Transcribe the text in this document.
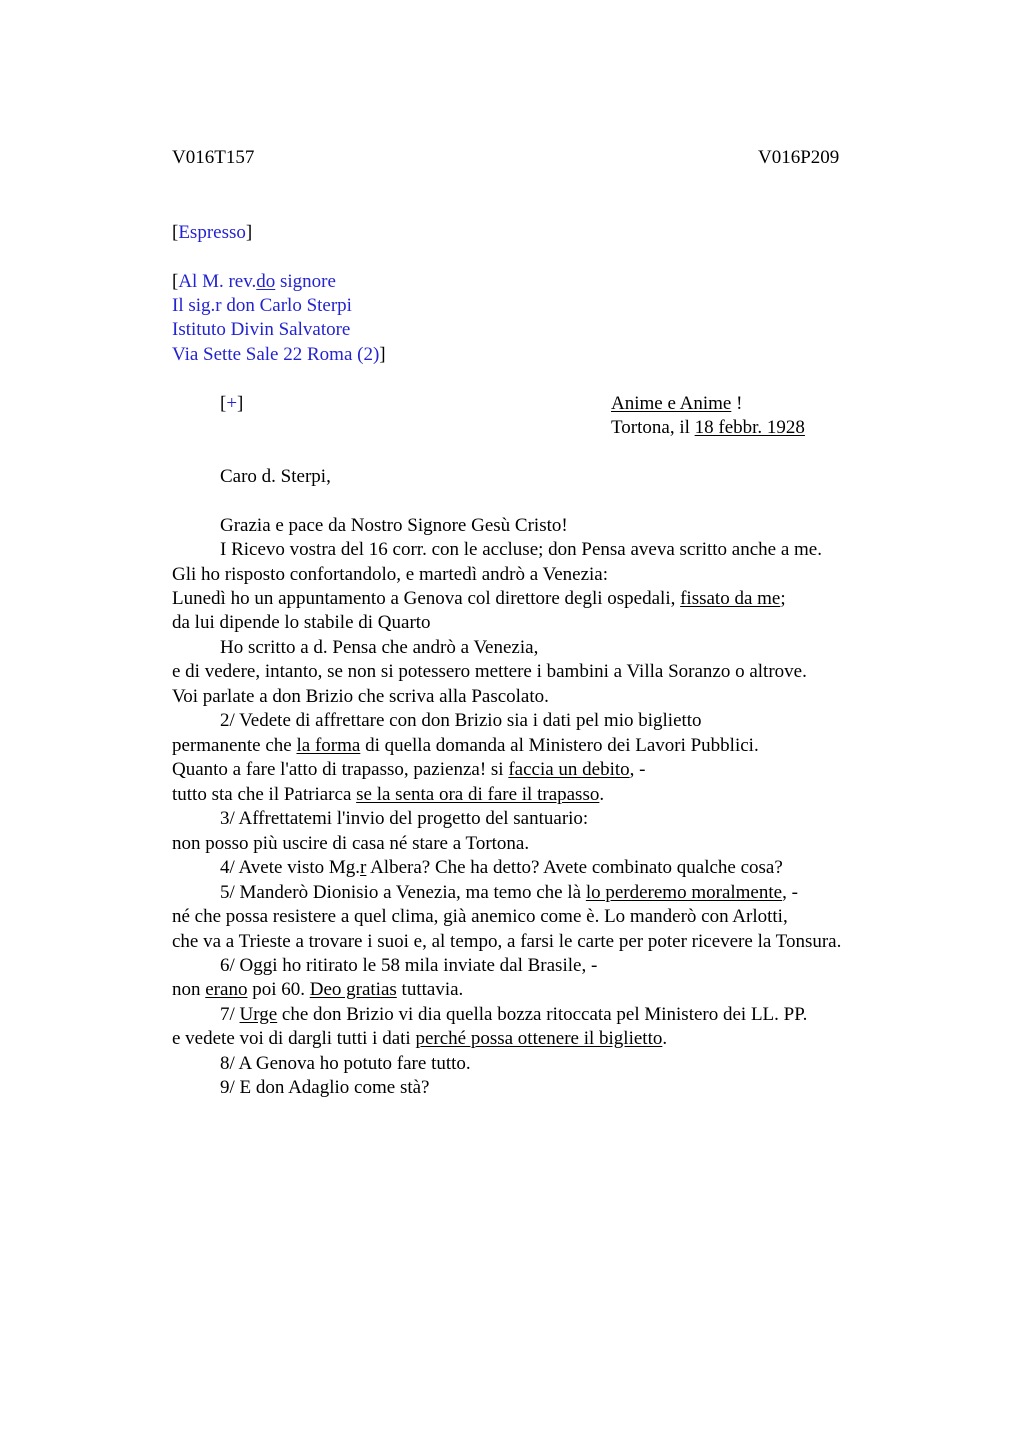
V016T157	V016P209
[Espresso]
[Al M. rev.do signore
Il sig.r don Carlo Sterpi
Istituto Divin Salvatore
Via Sette Sale 22 Roma (2)]
[+]	Anime e Anime !
Tortona, il 18 febbr. 1928
Caro d. Sterpi,
Grazia e pace da Nostro Signore Gesù Cristo!
I Ricevo vostra del 16 corr. con le accluse; don Pensa aveva scritto anche a me.
Gli ho risposto confortandolo, e martedì andrò a Venezia:
Lunedì ho un appuntamento a Genova col direttore degli ospedali, fissato da me;
da lui dipende lo stabile di Quarto
Ho scritto a d. Pensa che andrò a Venezia,
e di vedere, intanto, se non si potessero mettere i bambini a Villa Soranzo o altrove.
Voi parlate a don Brizio che scriva alla Pascolato.
2/ Vedete di affrettare con don Brizio sia i dati pel mio biglietto
permanente che la forma di quella domanda al Ministero dei Lavori Pubblici.
Quanto a fare l'atto di trapasso, pazienza! si faccia un debito, -
tutto sta che il Patriarca se la senta ora di fare il trapasso.
3/ Affrettatemi l'invio del progetto del santuario:
non posso più uscire di casa né stare a Tortona.
4/ Avete visto Mg.r Albera? Che ha detto? Avete combinato qualche cosa?
5/ Manderò Dionisio a Venezia, ma temo che là lo perderemo moralmente, -
né che possa resistere a quel clima, già anemico come è. Lo manderò con Arlotti,
che va a Trieste a trovare i suoi e, al tempo, a farsi le carte per poter ricevere la Tonsura.
6/ Oggi ho ritirato le 58 mila inviate dal Brasile, -
non erano poi 60. Deo gratias tuttavia.
7/ Urge che don Brizio vi dia quella bozza ritoccata pel Ministero dei LL. PP.
e vedete voi di dargli tutti i dati perché possa ottenere il biglietto.
8/ A Genova ho potuto fare tutto.
9/ E don Adaglio come stà?
